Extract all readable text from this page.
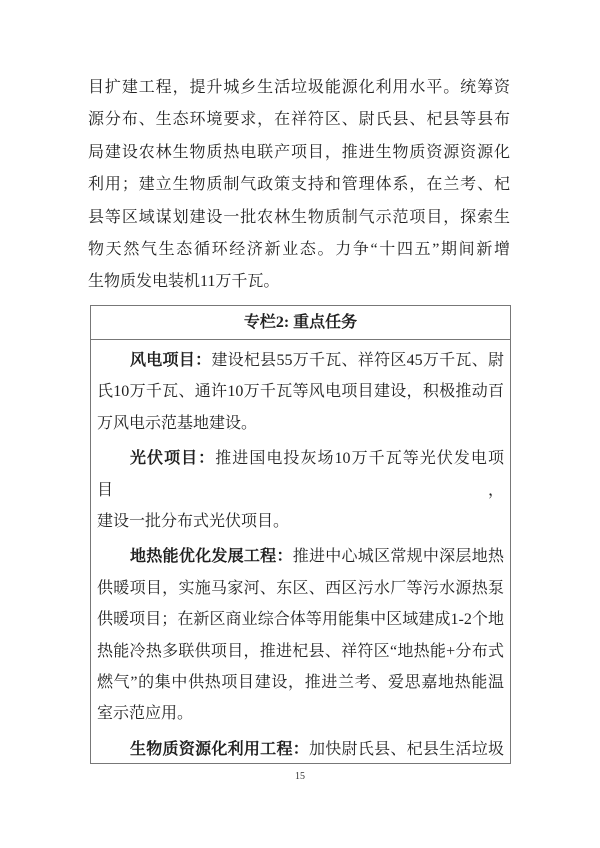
目扩建工程，提升城乡生活垃圾能源化利用水平。统筹资
源分布、生态环境要求，在祥符区、尉氏县、杞县等县布
局建设农林生物质热电联产项目，推进生物质资源资源化
利用；建立生物质制气政策支持和管理体系，在兰考、杞
县等区域谋划建设一批农林生物质制气示范项目，探索生
物天然气生态循环经济新业态。力争“十四五”期间新增
生物质发电装机11万千瓦。
专栏2: 重点任务
风电项目：建设杞县55万千瓦、祥符区45万千瓦、尉
氏10万千瓦、通许10万千瓦等风电项目建设，积极推动百
万风电示范基地建设。
光伏项目：推进国电投灰场10万千瓦等光伏发电项目，
建设一批分布式光伏项目。
地热能优化发展工程：推进中心城区常规中深层地热
供暖项目，实施马家河、东区、西区污水厂等污水源热泵
供暖项目；在新区商业综合体等用能集中区域建成1-2个地
热能冷热多联供项目，推进杞县、祥符区“地热能+分布式
燃气”的集中供热项目建设，推进兰考、爱思嘉地热能温
室示范应用。
生物质资源化利用工程：加快尉氏县、杞县生活垃圾
15
